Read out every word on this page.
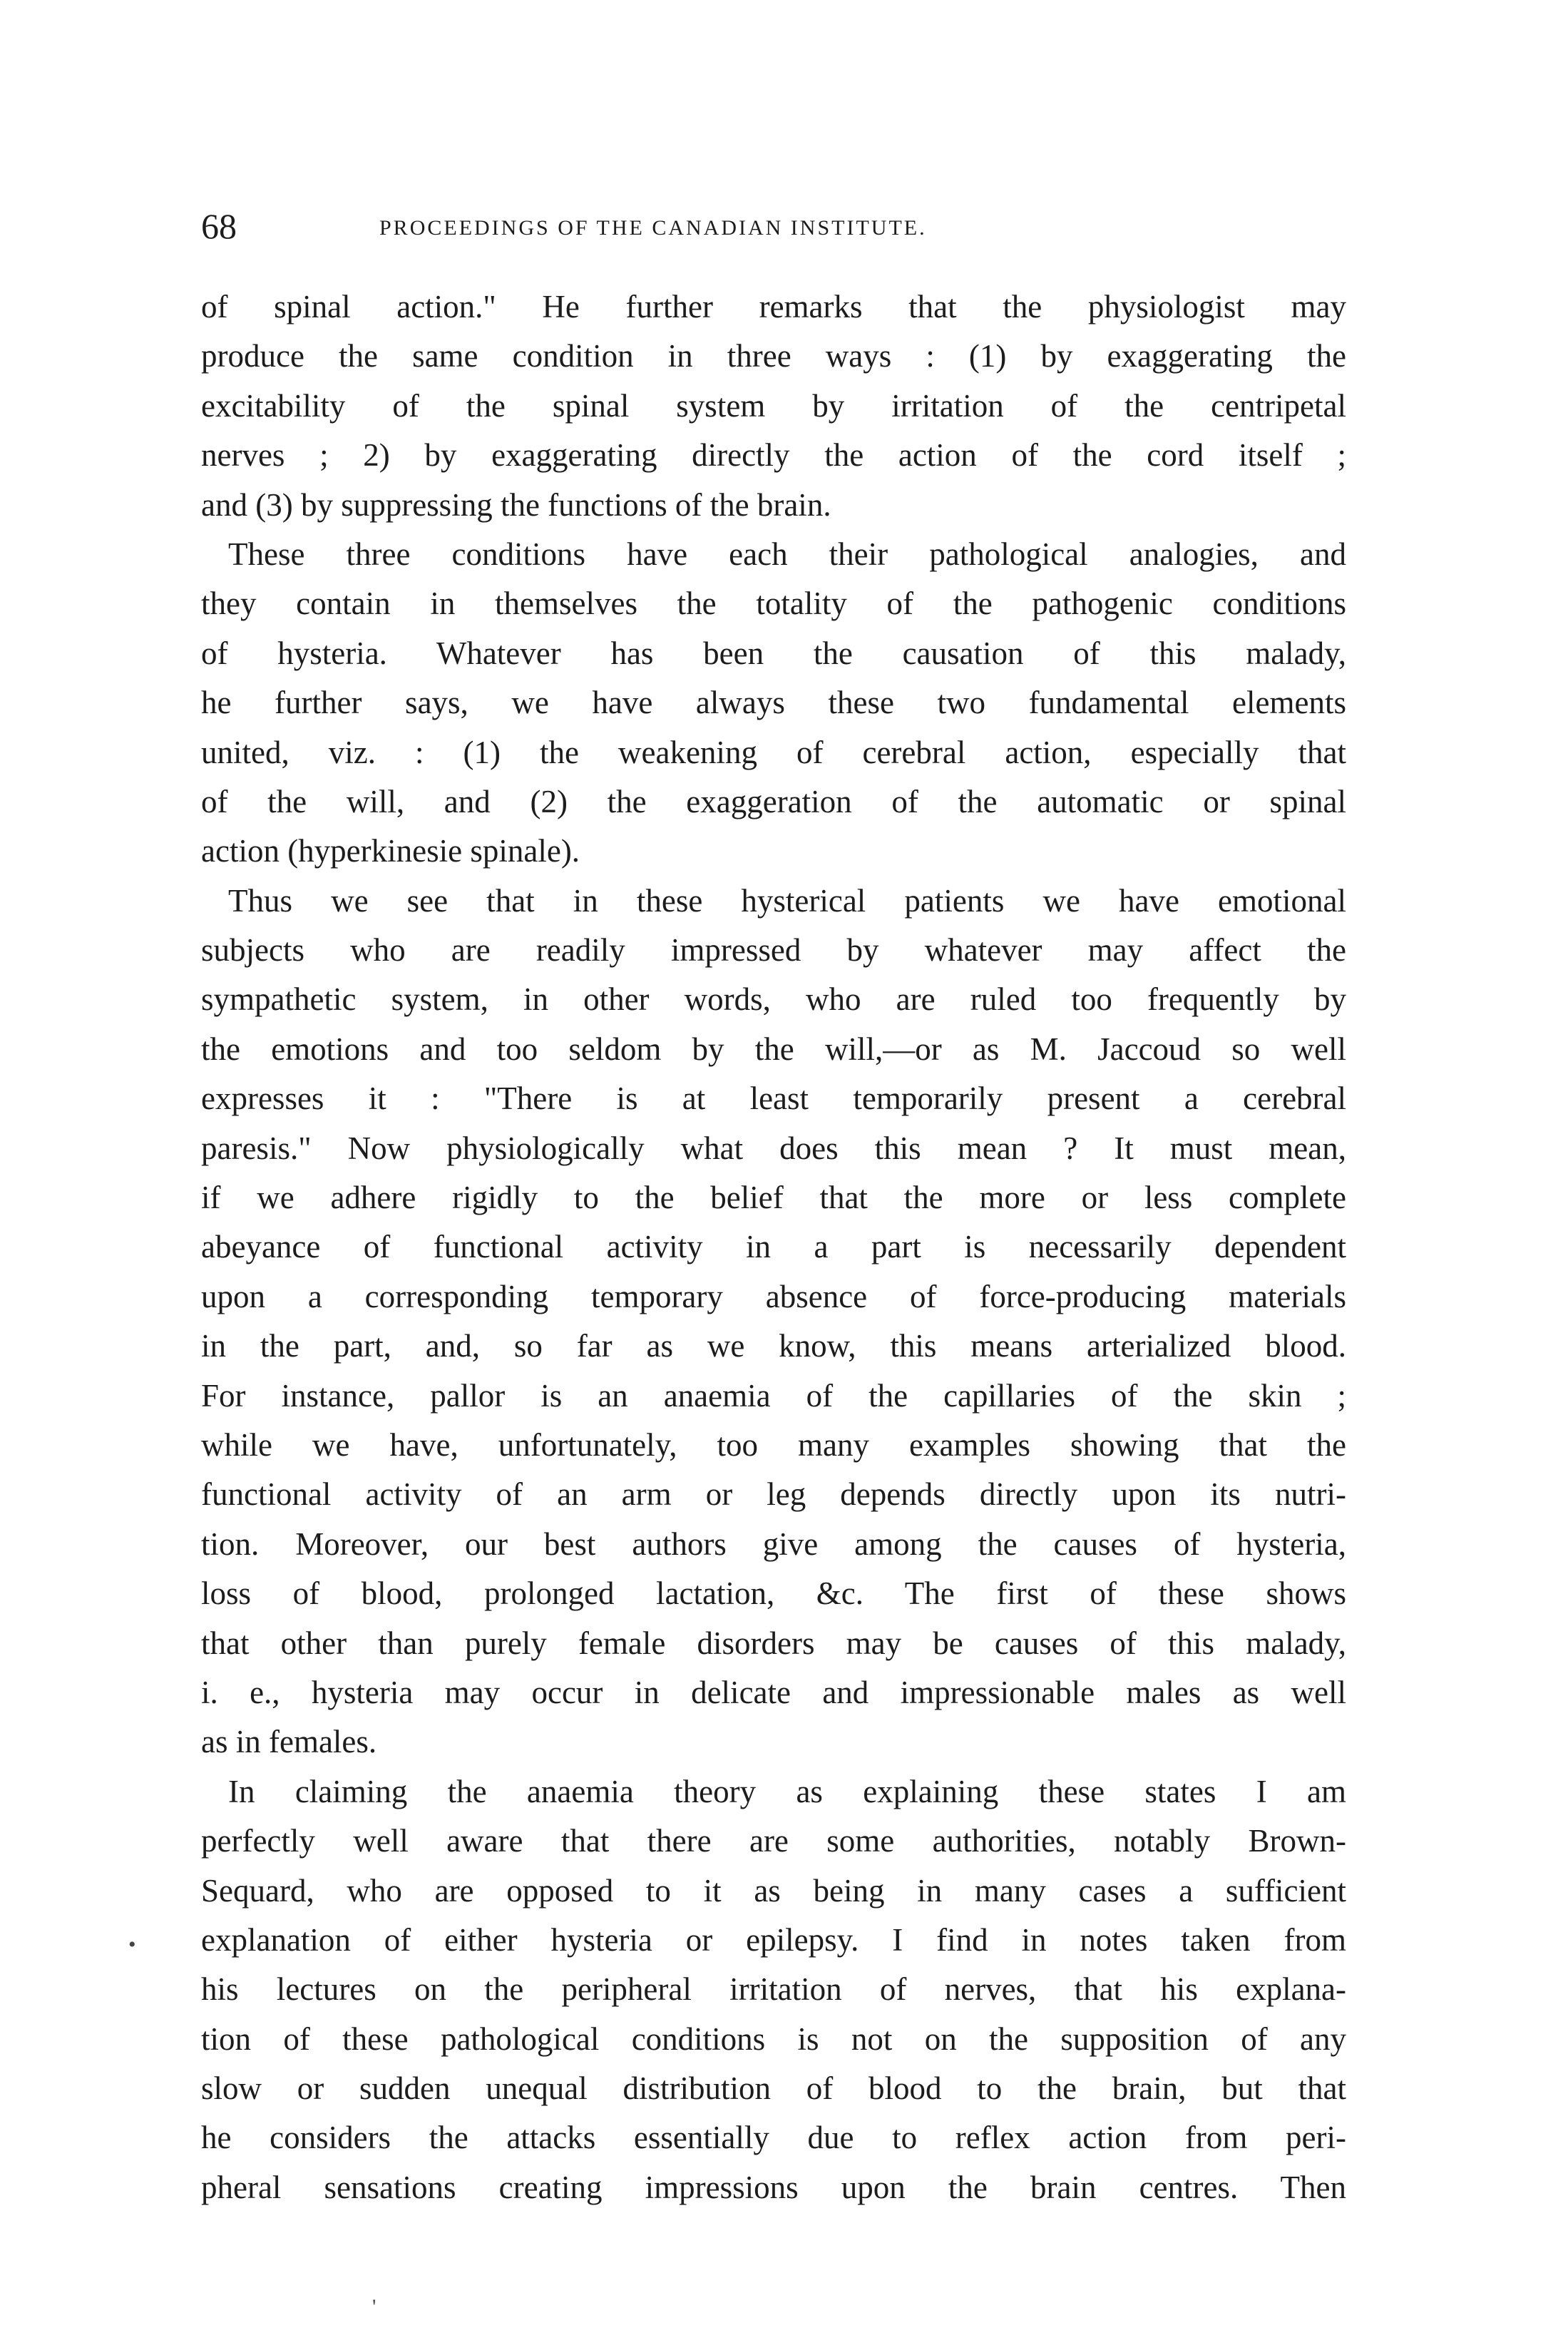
68	PROCEEDINGS OF THE CANADIAN INSTITUTE.
of spinal action." He further remarks that the physiologist may
produce the same condition in three ways : (1) by exaggerating the
excitability of the spinal system by irritation of the centripetal
nerves ; 2) by exaggerating directly the action of the cord itself ;
and (3) by suppressing the functions of the brain.
These three conditions have each their pathological analogies, and
they contain in themselves the totality of the pathogenic conditions
of hysteria. Whatever has been the causation of this malady,
he further says, we have always these two fundamental elements
united, viz. : (1) the weakening of cerebral action, especially that
of the will, and (2) the exaggeration of the automatic or spinal
action (hyperkinesie spinale).
Thus we see that in these hysterical patients we have emotional
subjects who are readily impressed by whatever may affect the
sympathetic system, in other words, who are ruled too frequently by
the emotions and too seldom by the will,—or as M. Jaccoud so well
expresses it : "There is at least temporarily present a cerebral
paresis." Now physiologically what does this mean ? It must mean,
if we adhere rigidly to the belief that the more or less complete
abeyance of functional activity in a part is necessarily dependent
upon a corresponding temporary absence of force-producing materials
in the part, and, so far as we know, this means arterialized blood.
For instance, pallor is an anaemia of the capillaries of the skin ;
while we have, unfortunately, too many examples showing that the
functional activity of an arm or leg depends directly upon its nutri-
tion. Moreover, our best authors give among the causes of hysteria,
loss of blood, prolonged lactation, &c. The first of these shows
that other than purely female disorders may be causes of this malady,
i. e., hysteria may occur in delicate and impressionable males as well
as in females.
In claiming the anaemia theory as explaining these states I am
perfectly well aware that there are some authorities, notably Brown-
Sequard, who are opposed to it as being in many cases a sufficient
explanation of either hysteria or epilepsy. I find in notes taken from
his lectures on the peripheral irritation of nerves, that his explana-
tion of these pathological conditions is not on the supposition of any
slow or sudden unequal distribution of blood to the brain, but that
he considers the attacks essentially due to reflex action from peri-
pheral sensations creating impressions upon the brain centres. Then
•
'
